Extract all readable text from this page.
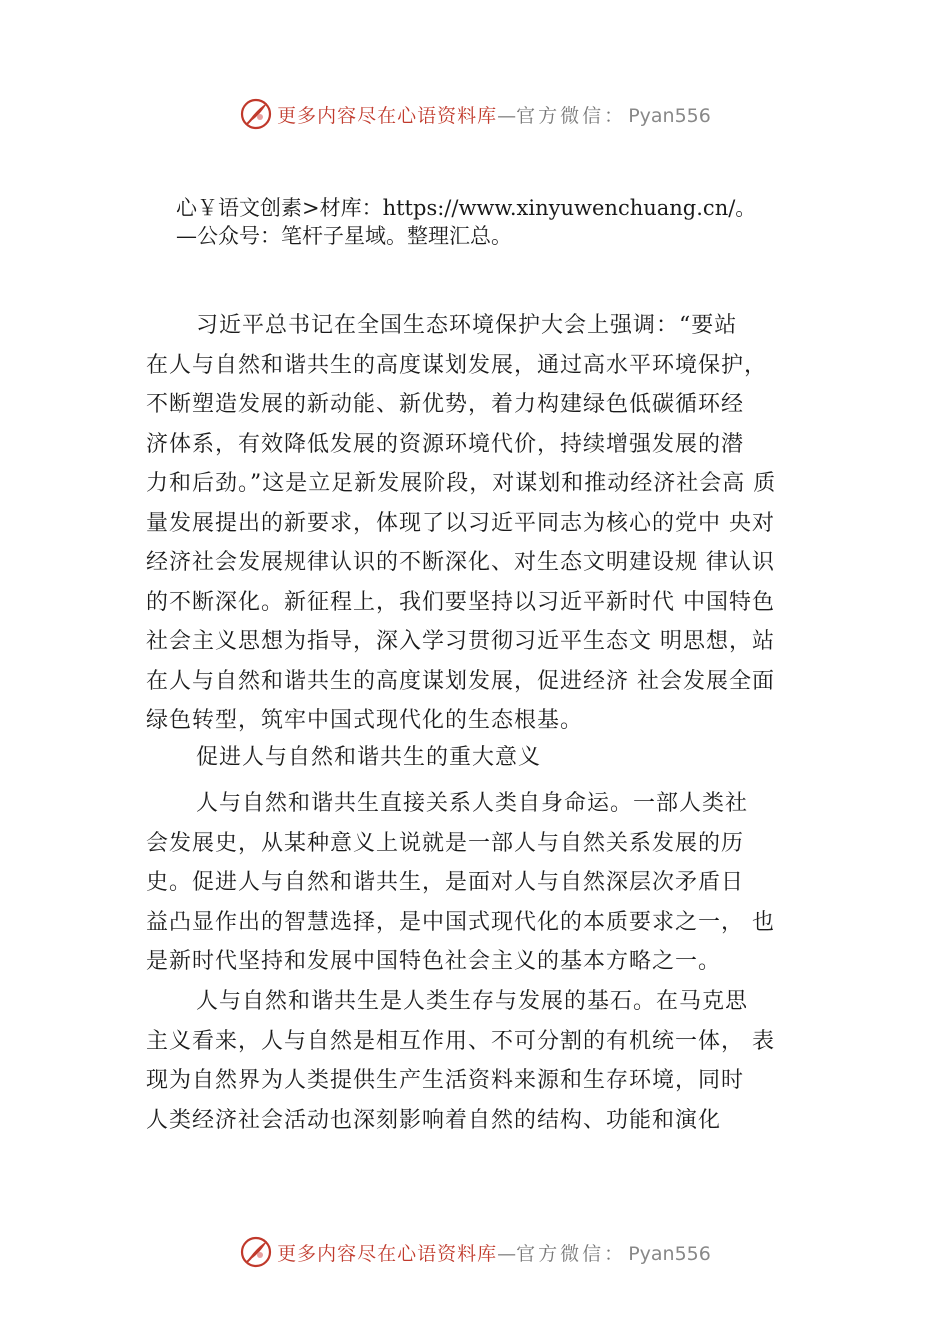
更多内容尽在心语资料库—官方微信： Pyan556
心￥语文创素>材库：https://www.xinyuwenchuang.cn/。
—公众号：笔杆子星域。整理汇总。
习近平总书记在全国生态环境保护大会上强调：“要站
在人与自然和谐共生的高度谋划发展，通过高水平环境保护，
不断塑造发展的新动能、新优势，着力构建绿色低碳循环经
济体系，有效降低发展的资源环境代价，持续增强发展的潜
力和后劲。”这是立足新发展阶段，对谋划和推动经济社会高 质
量发展提出的新要求，体现了以习近平同志为核心的党中 央对
经济社会发展规律认识的不断深化、对生态文明建设规 律认识
的不断深化。新征程上，我们要坚持以习近平新时代 中国特色
社会主义思想为指导，深入学习贯彻习近平生态文 明思想，站
在人与自然和谐共生的高度谋划发展，促进经济 社会发展全面
绿色转型，筑牢中国式现代化的生态根基。
促进人与自然和谐共生的重大意义
人与自然和谐共生直接关系人类自身命运。一部人类社
会发展史，从某种意义上说就是一部人与自然关系发展的历
史。促进人与自然和谐共生，是面对人与自然深层次矛盾日
益凸显作出的智慧选择，是中国式现代化的本质要求之一， 也
是新时代坚持和发展中国特色社会主义的基本方略之一。
人与自然和谐共生是人类生存与发展的基石。在马克思
主义看来，人与自然是相互作用、不可分割的有机统一体， 表
现为自然界为人类提供生产生活资料来源和生存环境，同时
人类经济社会活动也深刻影响着自然的结构、功能和演化
更多内容尽在心语资料库—官方微信： Pyan556
